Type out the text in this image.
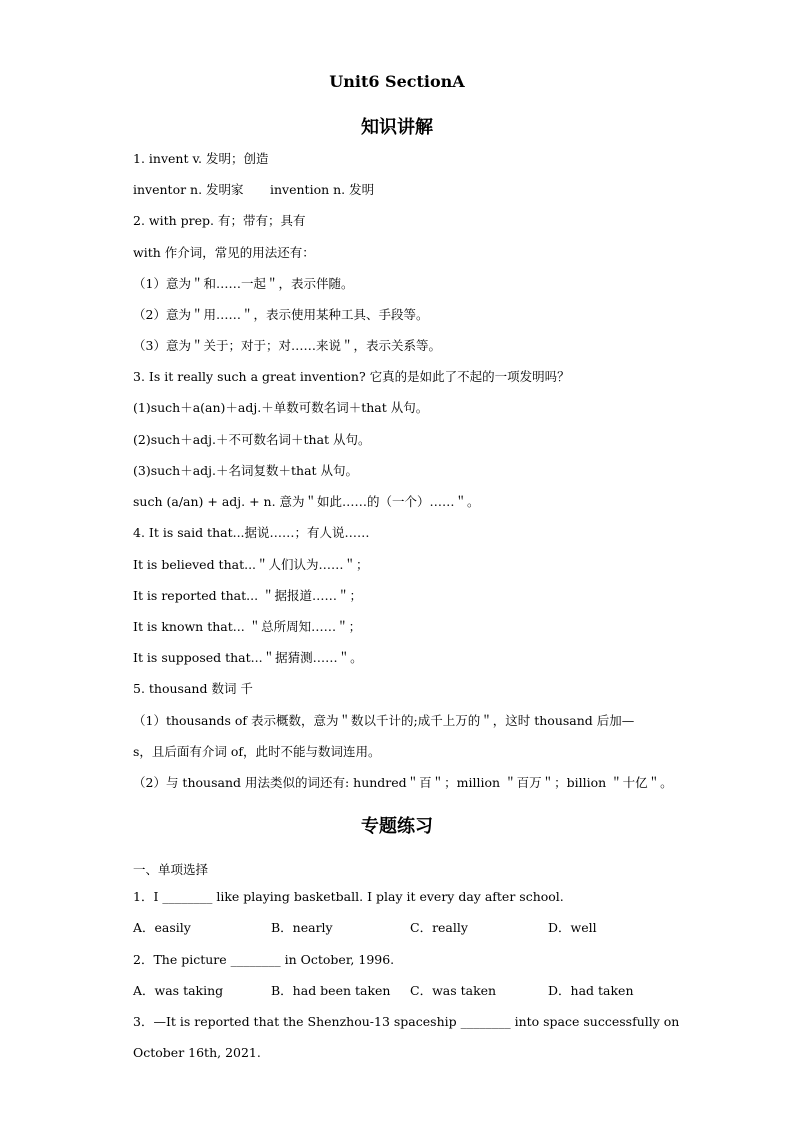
Unit6 SectionA
知识讲解
1. invent v. 发明；创造
inventor n. 发明家 invention n. 发明
2. with prep. 有；带有；具有
with 作介词，常见的用法还有：
（1）意为＂和……一起＂，表示伴随。
（2）意为＂用……＂，表示使用某种工具、手段等。
（3）意为＂关于；对于；对……来说＂，表示关系等。
3. Is it really such a great invention? 它真的是如此了不起的一项发明吗？
(1)such＋a(an)＋adj.＋单数可数名词＋that 从句。
(2)such＋adj.＋不可数名词＋that 从句。
(3)such＋adj.＋名词复数＋that 从句。
such (a/an) + adj. + n. 意为＂如此……的（一个）……＂。
4. It is said that...据说……；有人说……
It is believed that...＂人们认为……＂；
It is reported that... ＂据报道……＂；
It is known that... ＂总所周知……＂；
It is supposed that...＂据猜测……＂。
5. thousand 数词 千
（1）thousands of 表示概数，意为＂数以千计的;成千上万的＂，这时 thousand 后加—
s，且后面有介词 of，此时不能与数词连用。
（2）与 thousand 用法类似的词还有: hundred＂百＂；million ＂百万＂；billion ＂十亿＂。
专题练习
一、单项选择
1．I ________ like playing basketball. I play it every day after school.
A．easily	B．nearly	C．really	D．well
2．The picture ________ in October, 1996.
A．was taking	B．had been taken C．was taken	D．had taken
3．—It is reported that the Shenzhou-13 spaceship ________ into space successfully on
October 16th, 2021.
